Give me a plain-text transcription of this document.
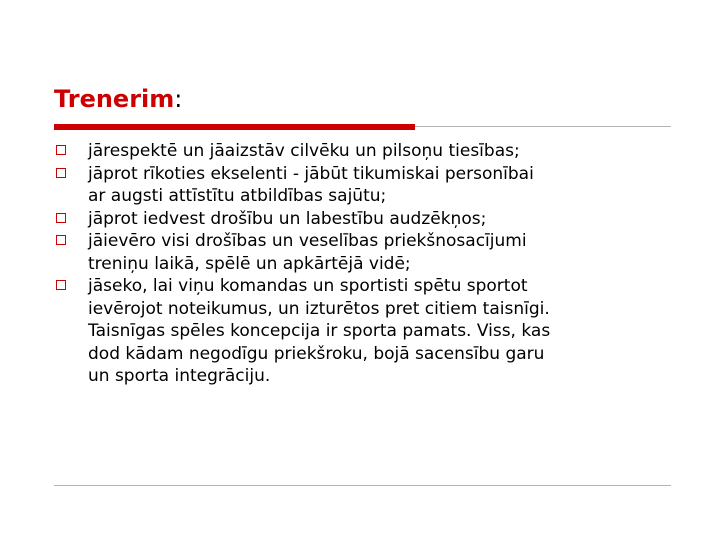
Trenerim:
jārespektē un jāaizstāv cilvēku un pilsoņu tiesības;
jāprot rīkoties ekselenti - jābūt tikumiskai personībai
ar augsti attīstītu atbildības sajūtu;
jāprot iedvest drošību un labestību audzēkņos;
jāievēro visi drošības un veselības priekšnosacījumi
treniņu laikā, spēlē un apkārtējā vidē;
jāseko, lai viņu komandas un sportisti spētu sportot
ievērojot noteikumus, un izturētos pret citiem taisnīgi.
Taisnīgas spēles koncepcija ir sporta pamats. Viss, kas
dod kādam negodīgu priekšroku, bojā sacensību garu
un sporta integrāciju.
